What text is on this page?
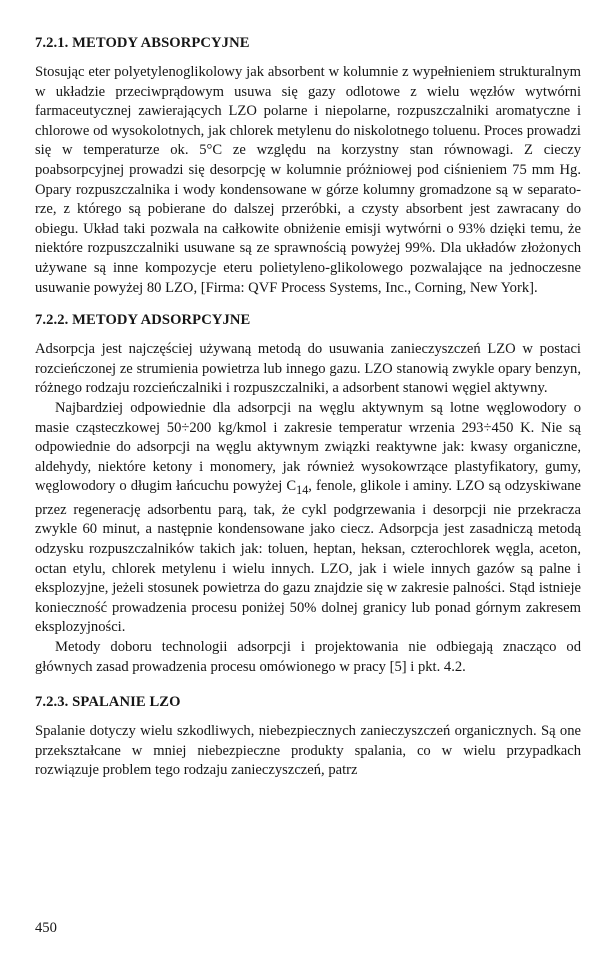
7.2.1. METODY ABSORPCYJNE

Stosując eter polyetylenoglikolowy jak absorbent w kolumnie z wypełnieniem strukturalnym w układzie przeciwprądowym usuwa się gazy odlotowe z wielu węzłów wytwórni farmaceutycznej zawierających LZO polarne i niepolarne, rozpuszczalniki aromatyczne i chlorowe od wysokolotnych, jak chlorek metylenu do niskolotnego toluenu. Proces prowadzi się w temperaturze ok. 5°C ze względu na korzystny stan równowagi. Z cieczy poabsorpcyjnej prowadzi się desorpcję w kolumnie próżniowej pod ciśnieniem 75 mm Hg. Opary rozpuszczalnika i wody kondensowane w górze kolumny gromadzone są w separatorze, z którego są pobierane do dalszej przeróbki, a czysty absorbent jest zawracany do obiegu. Układ taki pozwala na całkowite obniżenie emisji wytwórni o 93% dzięki temu, że niektóre rozpuszczalniki usuwane są ze sprawnością powyżej 99%. Dla układów złożonych używane są inne kompozycje eteru polietyleno-glikolowego pozwalające na jednoczesne usuwanie powyżej 80 LZO, [Firma: QVF Process Systems, Inc., Corning, New York].

7.2.2. METODY ADSORPCYJNE

Adsorpcja jest najczęściej używaną metodą do usuwania zanieczyszczeń LZO w postaci rozcieńczonej ze strumienia powietrza lub innego gazu. LZO stanowią zwykle opary benzyn, różnego rodzaju rozcieńczalniki i rozpuszczalniki, a adsorbent stanowi węgiel aktywny.

Najbardziej odpowiednie dla adsorpcji na węglu aktywnym są lotne węglowodory o masie cząsteczkowej 50÷200 kg/kmol i zakresie temperatur wrzenia 293÷450 K. Nie są odpowiednie do adsorpcji na węglu aktywnym związki reaktywne jak: kwasy organiczne, aldehydy, niektóre ketony i monomery, jak również wysokowrzące plastyfikatory, gumy, węglowodory o długim łańcuchu powyżej $C_{14}$, fenole, glikole i aminy. LZO są odzyskiwane przez regenerację adsorbentu parą, tak, że cykl podgrzewania i desorpcji nie przekracza zwykle 60 minut, a następnie kondensowane jako ciecz. Adsorpcja jest zasadniczą metodą odzysku rozpuszczalników takich jak: toluen, heptan, heksan, czterochlorek węgla, aceton, octan etylu, chlorek metylenu i wielu innych. LZO, jak i wiele innych gazów są palne i eksplozyjne, jeżeli stosunek powietrza do gazu znajdzie się w zakresie palności. Stąd istnieje konieczność prowadzenia procesu poniżej 50% dolnej granicy lub ponad górnym zakresem eksplozyjności.

Metody doboru technologii adsorpcji i projektowania nie odbiegają znacząco od głównych zasad prowadzenia procesu omówionego w pracy [5] i pkt. 4.2.

7.2.3. SPALANIE LZO

Spalanie dotyczy wielu szkodliwych, niebezpiecznych zanieczyszczeń organicznych. Są one przekształcane w mniej niebezpieczne produkty spalania, co w wielu przypadkach rozwiązuje problem tego rodzaju zanieczyszczeń, patrz

450
